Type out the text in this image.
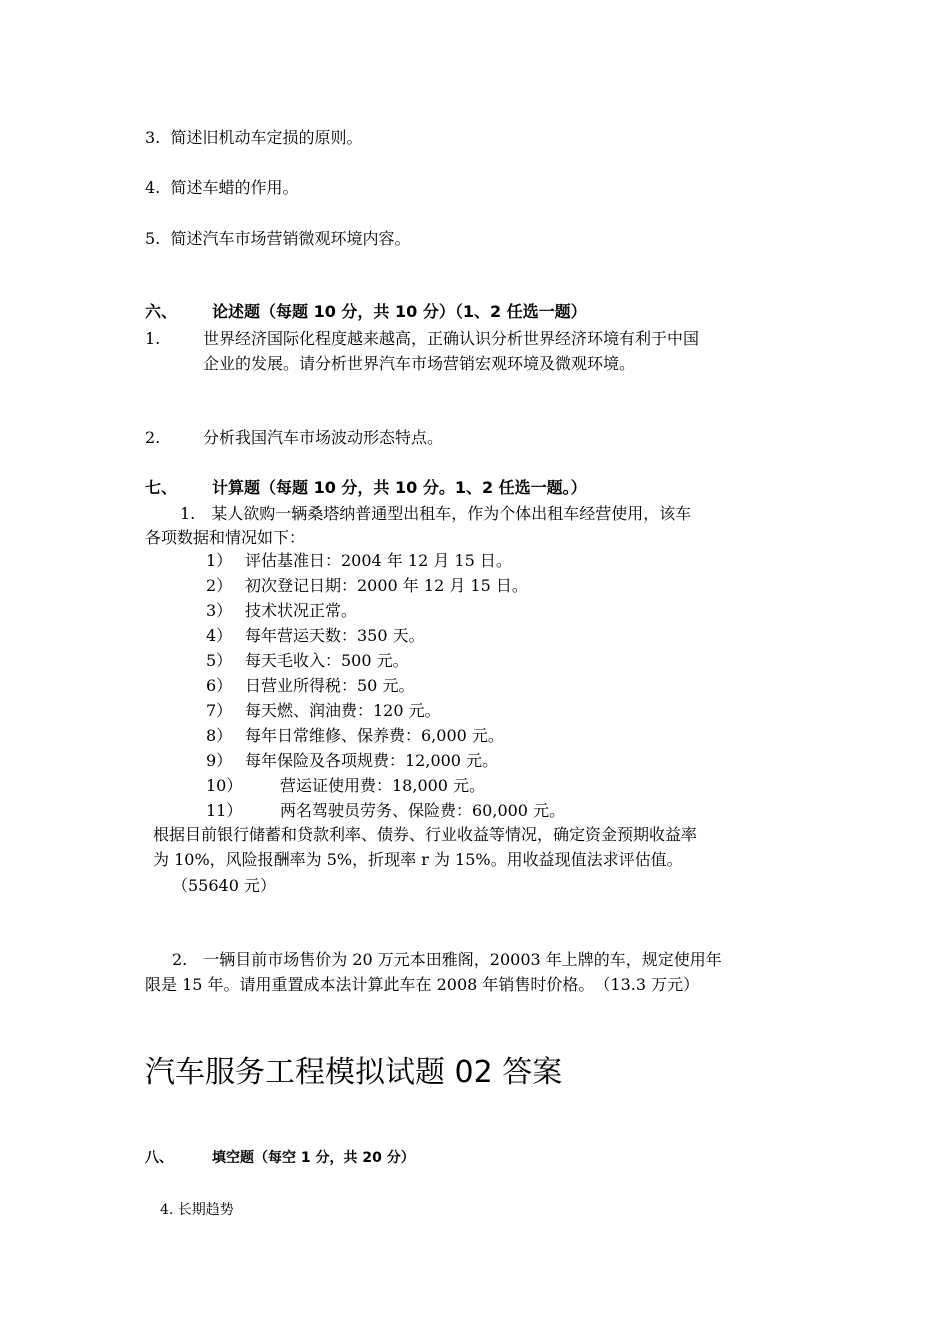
3. 简述旧机动车定损的原则。
4. 简述车蜡的作用。
5. 简述汽车市场营销微观环境内容。
六、 论述题（每题 10 分，共 10 分）（1、2 任选一题）
1.	世界经济国际化程度越来越高，正确认识分析世界经济环境有利于中国
企业的发展。请分析世界汽车市场营销宏观环境及微观环境。
2.	分析我国汽车市场波动形态特点。
七、 计算题（每题 10 分，共 10 分。1、2 任选一题。）
1.　某人欲购一辆桑塔纳普通型出租车，作为个体出租车经营使用，该车
各项数据和情况如下：
1） 评估基准日：2004 年 12 月 15 日。
2） 初次登记日期：2000 年 12 月 15 日。
3） 技术状况正常。
4） 每年营运天数：350 天。
5） 每天毛收入：500 元。
6） 日营业所得税：50 元。
7） 每天燃、润油费：120 元。
8） 每年日常维修、保养费：6,000 元。
9） 每年保险及各项规费：12,000 元。
10） 营运证使用费：18,000 元。
11） 两名驾驶员劳务、保险费：60,000 元。
根据目前银行储蓄和贷款利率、债券、行业收益等情况，确定资金预期收益率
为 10%，风险报酬率为 5%，折现率 r 为 15%。用收益现值法求评估值。
（55640 元）
2.　一辆目前市场售价为 20 万元本田雅阁，20003 年上牌的车，规定使用年
限是 15 年。请用重置成本法计算此车在 2008 年销售时价格。　（13.3 万元）
汽车服务工程模拟试题 02 答案
八、	填空题（每空 1 分，共 20 分）
4. 长期趋势
